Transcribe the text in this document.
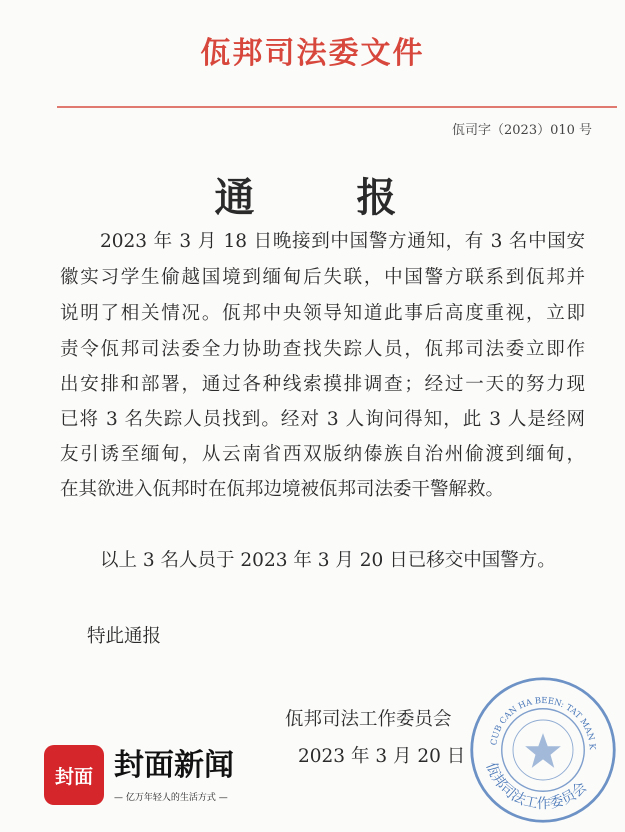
佤邦司法委文件
佤司字（2023）010 号
通 报
2023 年 3 月 18 日晚接到中国警方通知，有 3 名中国安
徽实习学生偷越国境到缅甸后失联，中国警方联系到佤邦并
说明了相关情况。佤邦中央领导知道此事后高度重视，立即
责令佤邦司法委全力协助查找失踪人员，佤邦司法委立即作
出安排和部署，通过各种线索摸排调查；经过一天的努力现
已将 3 名失踪人员找到。经对 3 人询问得知，此 3 人是经网
友引诱至缅甸，从云南省西双版纳傣族自治州偷渡到缅甸，
在其欲进入佤邦时在佤邦边境被佤邦司法委干警解救。
以上 3 名人员于 2023 年 3 月 20 日已移交中国警方。
特此通报
佤邦司法工作委员会
CUB CAN HA BEEN: TAT MAN K
佤邦司法工作委员会
2023 年 3 月 20 日
封面 封面新闻
— 亿万年轻人的生活方式 —
